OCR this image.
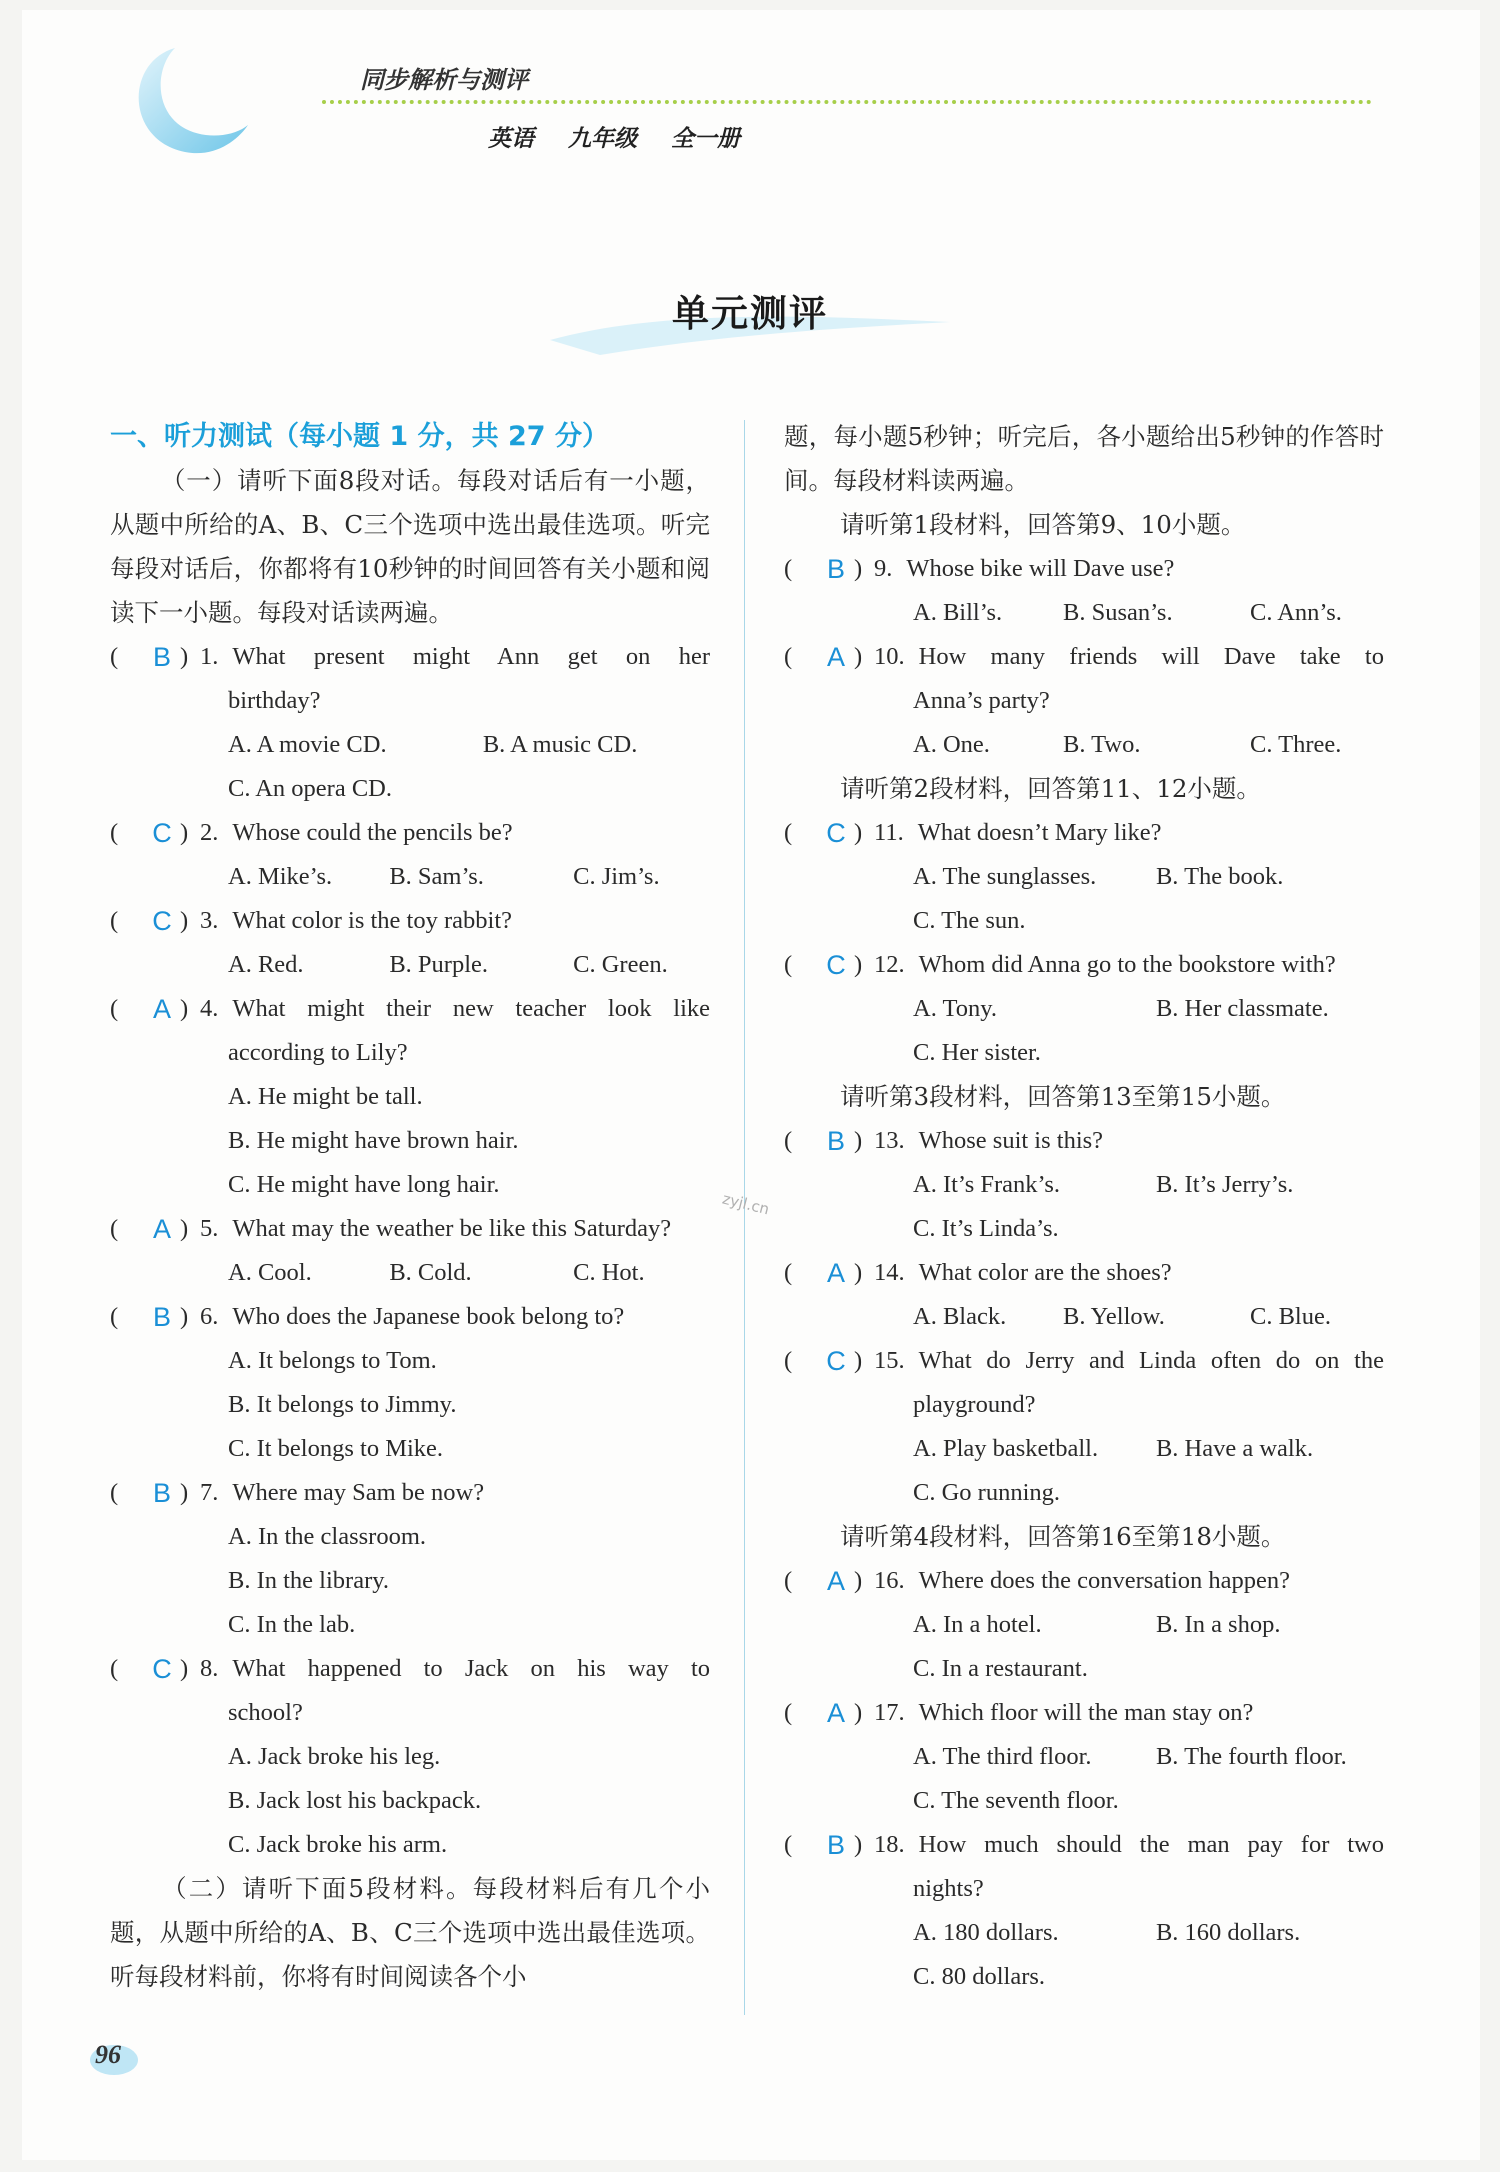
同步解析与测评
英语 九年级 全一册
单元测评
一、听力测试（每小题 1 分，共 27 分）
（一）请听下面8段对话。每段对话后有一小题，从题中所给的A、B、C三个选项中选出最佳选项。听完每段对话后，你都将有10秒钟的时间回答有关小题和阅读下一小题。每段对话读两遍。
(	B ) 1. What present might Ann get on her
birthday?
A. A movie CD.	B. A music CD.
C. An opera CD.
(	C ) 2. Whose could the pencils be?
A. Mike’s.	B. Sam’s.	C. Jim’s.
(	C ) 3. What color is the toy rabbit?
A. Red.	B. Purple.	C. Green.
(	A ) 4. What might their new teacher look like
according to Lily?
A. He might be tall.
B. He might have brown hair.
C. He might have long hair.
(	A ) 5. What may the weather be like this Saturday?
A. Cool.	B. Cold.	C. Hot.
(	B ) 6. Who does the Japanese book belong to?
A. It belongs to Tom.
B. It belongs to Jimmy.
C. It belongs to Mike.
(	B ) 7. Where may Sam be now?
A. In the classroom.
B. In the library.
C. In the lab.
(	C ) 8. What happened to Jack on his way to
school?
A. Jack broke his leg.
B. Jack lost his backpack.
C. Jack broke his arm.
（二）请听下面5段材料。每段材料后有几个小题，从题中所给的A、B、C三个选项中选出最佳选项。听每段材料前，你将有时间阅读各个小
题，每小题5秒钟；听完后，各小题给出5秒钟的作答时间。每段材料读两遍。
请听第1段材料，回答第9、10小题。
(	B ) 9. Whose bike will Dave use?
A. Bill’s.	B. Susan’s.	C. Ann’s.
(	A ) 10. How many friends will Dave take to
Anna’s party?
A. One.	B. Two.	C. Three.
请听第2段材料，回答第11、12小题。
(	C ) 11. What doesn’t Mary like?
A. The sunglasses.	B. The book.
C. The sun.
(	C ) 12. Whom did Anna go to the bookstore with?
A. Tony.	B. Her classmate.
C. Her sister.
请听第3段材料，回答第13至第15小题。
(	B ) 13. Whose suit is this?
A. It’s Frank’s.	B. It’s Jerry’s.
C. It’s Linda’s.
(	A ) 14. What color are the shoes?
A. Black.	B. Yellow.	C. Blue.
(	C ) 15. What do Jerry and Linda often do on the
playground?
A. Play basketball.	B. Have a walk.
C. Go running.
请听第4段材料，回答第16至第18小题。
(	A ) 16. Where does the conversation happen?
A. In a hotel.	B. In a shop.
C. In a restaurant.
(	A ) 17. Which floor will the man stay on?
A. The third floor.	B. The fourth floor.
C. The seventh floor.
(	B ) 18. How much should the man pay for two
nights?
A. 180 dollars.	B. 160 dollars.
C. 80 dollars.
zyjl.cn
96
